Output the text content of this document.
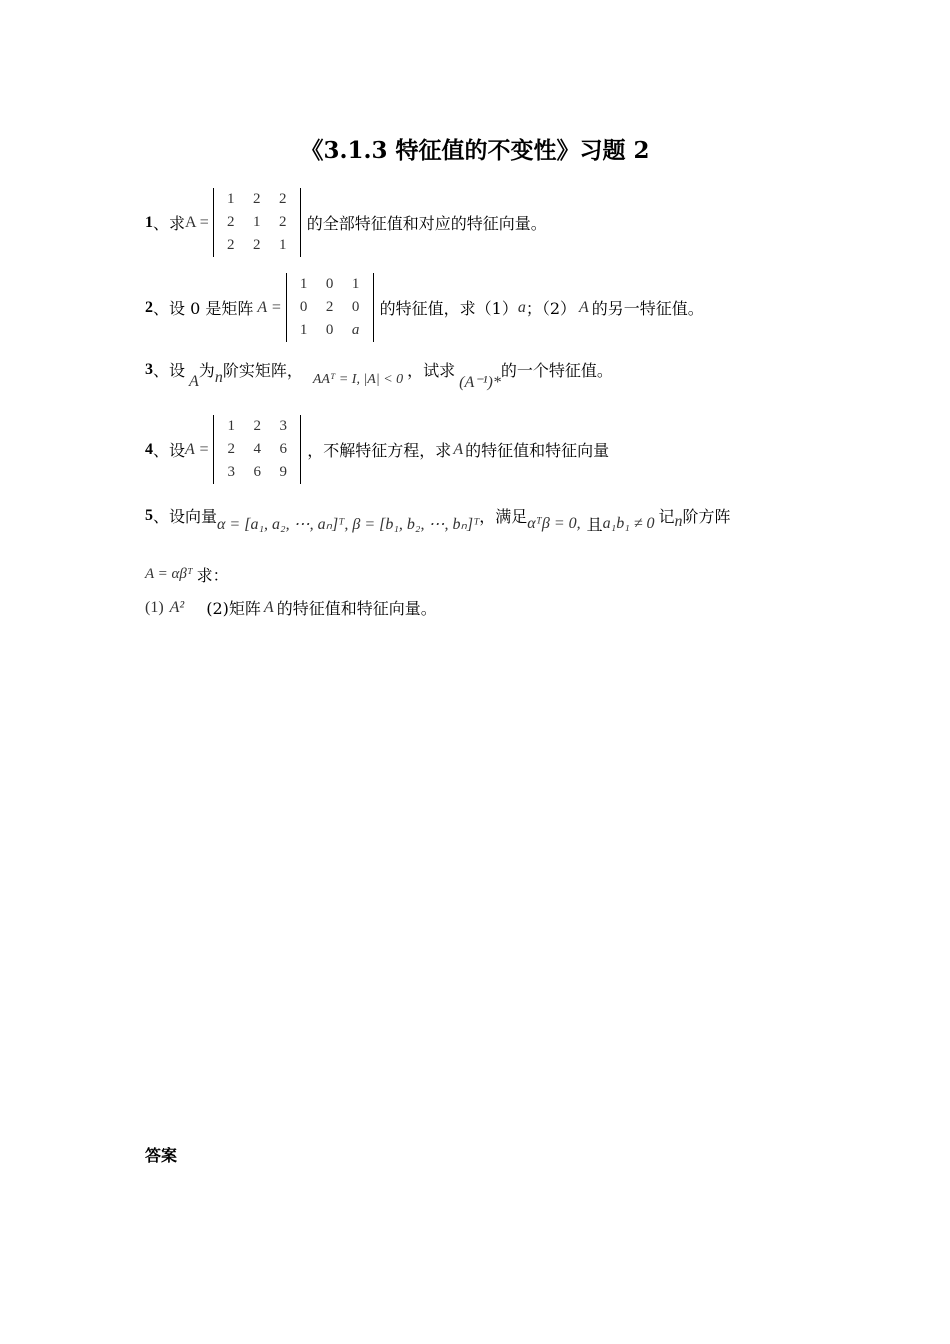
《3.1.3 特征值的不变性》习题 2
1 、求 A =
1	2	2
2	1	2
2	2	1
的全部特征值和对应的特征向量。
2 、设 0 是矩阵 A =
1	0	1
0	2	0
1	0	a
的特征值，求（1） a ；（2） A 的另一特征值。
3 、设
A
为 n 阶实矩阵， AAᵀ = I, |A| < 0 ，试求
(A⁻¹)*
的一个特征值。
4 、设 A =
1	2	3
2	4	6
3	6	9
，不解特征方程，求 A 的特征值和特征向量
5 、设向量 α = [a₁, a₂, ⋯, aₙ]ᵀ, β = [b₁, b₂, ⋯, bₙ]ᵀ ，满足 αᵀβ = 0, 且 a₁b₁ ≠ 0 记 n 阶方阵
A = αβᵀ 求：
(1) A² (2)矩阵 A 的特征值和特征向量。
答案
